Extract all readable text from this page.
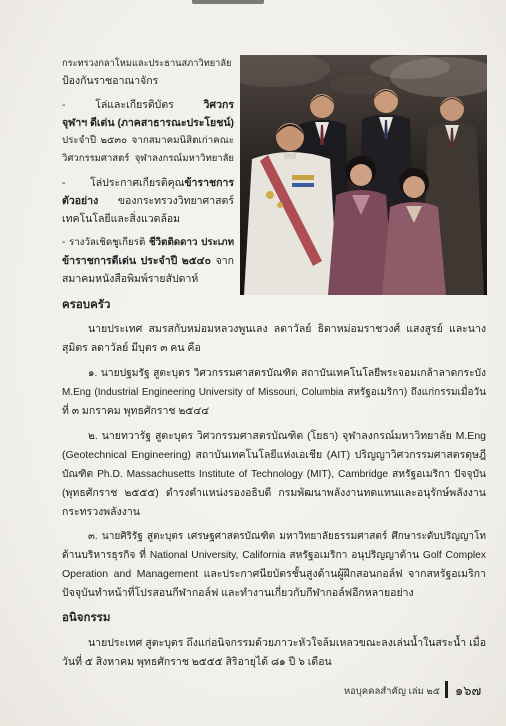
กระทรวงกลาโหมและประธานสภาวิทยาลัย
ป้องกันราชอาณาจักร
- โล่และเกียรติบัตร	วิศวกร
จุฬาฯ ดีเด่น (ภาคสาธารณะประโยชน์)
ประจำปี ๒๕๓๐ จากสมาคมนิสิตเก่าคณะ
วิศวกรรมศาสตร์ จุฬาลงกรณ์มหาวิทยาลัย
- โล่ประกาศเกียรติคุณข้าราชการ
ตัวอย่าง ของกระทรวงวิทยาศาสตร์
เทคโนโลยีและสิ่งแวดล้อม
- รางวัลเชิดชูเกียรติ ชีวิตติดดาว ประเภท
ข้าราชการดีเด่น ประจำปี ๒๕๔๐ จาก
สมาคมหนังสือพิมพ์รายสัปดาห์
ครอบครัว
นายประเทศ สมรสกับหม่อมหลวงพูนเลง ลดาวัลย์ ธิดาหม่อมราชวงศ์ แสงสูรย์ และนาง
สุมิตร ลดาวัลย์ มีบุตร ๓ คน คือ
๑. นายปฐมรัฐ สูตะบุตร วิศวกรรมศาสตรบัณฑิต สถาบันเทคโนโลยีพระจอมเกล้าลาดกระบัง
M.Eng (Industrial Engineering University of Missouri, Columbia สหรัฐอเมริกา) ถึงแก่กรรมเมื่อวัน
ที่ ๓ มกราคม พุทธศักราช ๒๕๔๔
๒. นายทวารัฐ สูตะบุตร วิศวกรรมศาสตรบัณฑิต (โยธา) จุฬาลงกรณ์มหาวิทยาลัย M.Eng
(Geotechnical Engineering) สถาบันเทคโนโลยีแห่งเอเชีย (AIT) ปริญญาวิศวกรรมศาสตรดุษฎี
บัณฑิต Ph.D. Massachusetts Institute of Technology (MIT), Cambridge สหรัฐอเมริกา ปัจจุบัน
(พุทธศักราช ๒๕๕๕) ดำรงตำแหน่งรองอธิบดี กรมพัฒนาพลังงานทดแทนและอนุรักษ์พลังงาน
กระทรวงพลังงาน
๓. นายศิริรัฐ สูตะบุตร เศรษฐศาสตรบัณฑิต มหาวิทยาลัยธรรมศาสตร์ ศึกษาระดับปริญญาโท
ด้านบริหารธุรกิจ ที่ National University, California สหรัฐอเมริกา อนุปริญญาด้าน Golf Complex
Operation and Management และประกาศนียบัตรชั้นสูงด้านผู้ฝึกสอนกอล์ฟ จากสหรัฐอเมริกา
ปัจจุบันทำหน้าที่โปรสอนกีฬากอล์ฟ และทำงานเกี่ยวกับกีฬากอล์ฟอีกหลายอย่าง
อนิจกรรม
นายประเทศ สูตะบุตร ถึงแก่อนิจกรรมด้วยภาวะหัวใจล้มเหลวขณะลงเล่นน้ำในสระน้ำ เมื่อ
วันที่ ๕ สิงหาคม พุทธศักราช ๒๕๕๕ สิริอายุได้ ๘๑ ปี ๖ เดือน
หอบุคคลสำคัญ เล่ม ๒๕ ๑๖๗
